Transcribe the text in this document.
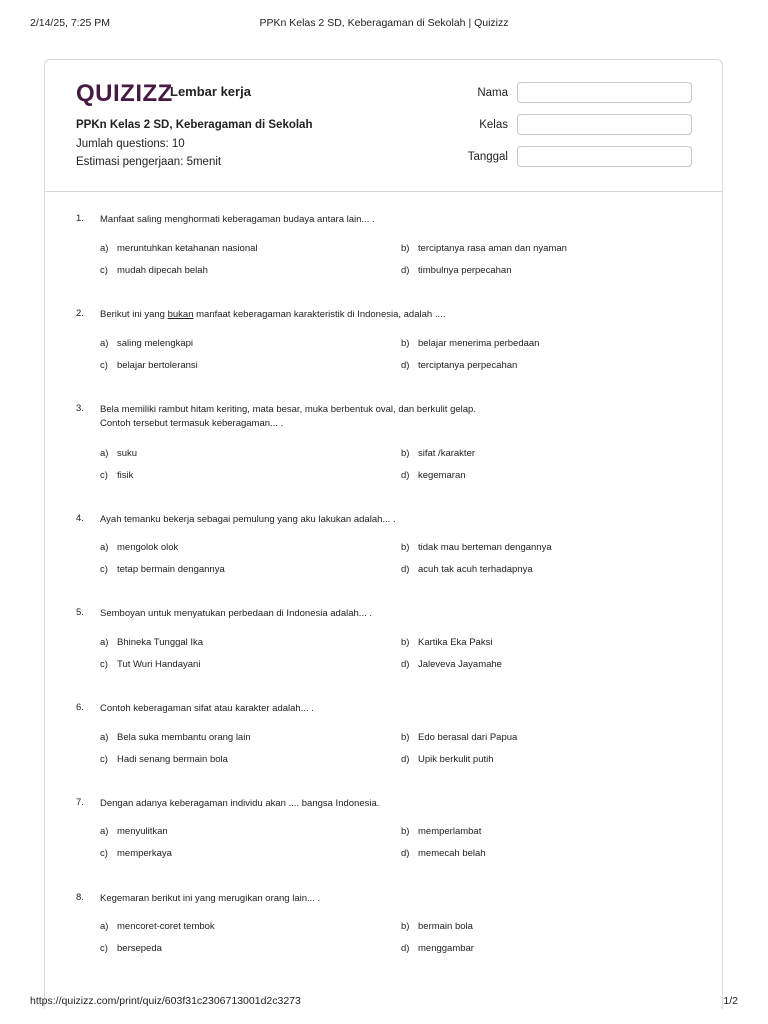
2/14/25, 7:25 PM	PPKn Kelas 2 SD, Keberagaman di Sekolah | Quizizz
QUIZIZZ
Lembar kerja
PPKn Kelas 2 SD, Keberagaman di Sekolah
Jumlah questions: 10
Estimasi pengerjaan: 5menit
Nama
Kelas
Tanggal
1. Manfaat saling menghormati keberagaman budaya antara lain... .
a) meruntuhkan ketahanan nasional	b) terciptanya rasa aman dan nyaman
c) mudah dipecah belah	d) timbulnya perpecahan
2. Berikut ini yang bukan manfaat keberagaman karakteristik di Indonesia, adalah ....
a) saling melengkapi	b) belajar menerima perbedaan
c) belajar bertoleransi	d) terciptanya perpecahan
3. Bela memiliki rambut hitam keriting, mata besar, muka berbentuk oval, dan berkulit gelap.
Contoh tersebut termasuk keberagaman... .
a) suku	b) sifat /karakter
c) fisik	d) kegemaran
4. Ayah temanku bekerja sebagai pemulung yang aku lakukan adalah... .
a) mengolok olok	b) tidak mau berteman dengannya
c) tetap bermain dengannya	d) acuh tak acuh terhadapnya
5. Semboyan untuk menyatukan perbedaan di Indonesia adalah... .
a) Bhineka Tunggal Ika	b) Kartika Eka Paksi
c) Tut Wuri Handayani	d) Jaleveva Jayamahe
6. Contoh keberagaman sifat atau karakter adalah... .
a) Bela suka membantu orang lain	b) Edo berasal dari Papua
c) Hadi senang bermain bola	d) Upik berkulit putih
7. Dengan adanya keberagaman individu akan .... bangsa Indonesia.
a) menyulitkan	b) memperlambat
c) memperkaya	d) memecah belah
8. Kegemaran berikut ini yang merugikan orang lain... .
a) mencoret-coret tembok	b) bermain bola
c) bersepeda	d) menggambar
https://quizizz.com/print/quiz/603f31c2306713001d2c3273	1/2
